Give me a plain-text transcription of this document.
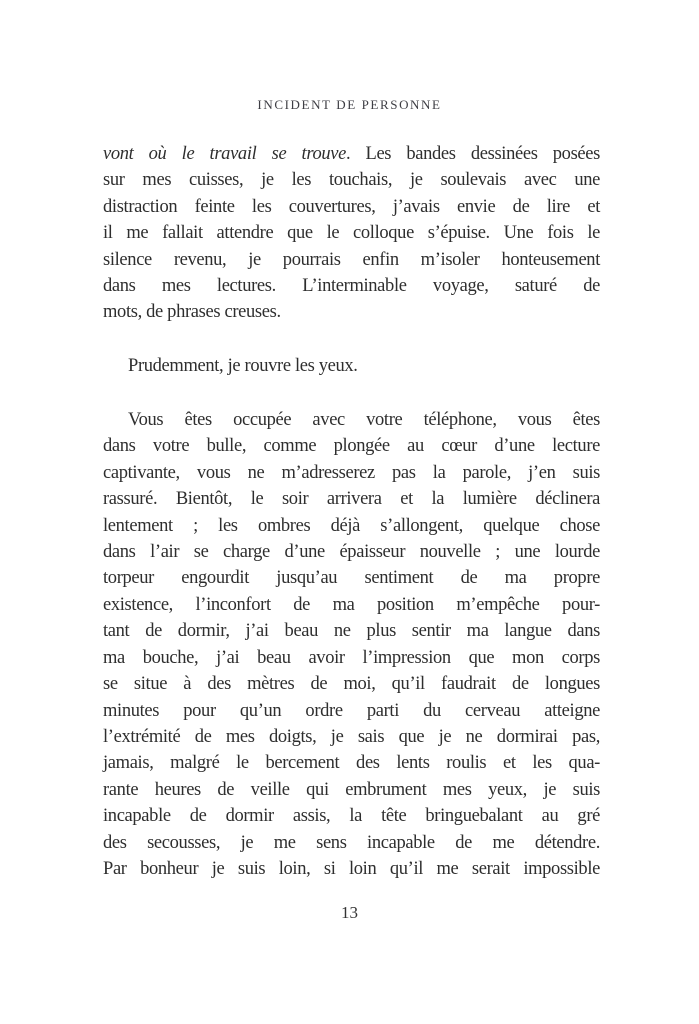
INCIDENT DE PERSONNE
vont où le travail se trouve. Les bandes dessinées posées
sur mes cuisses, je les touchais, je soulevais avec une
distraction feinte les couvertures, j’avais envie de lire et
il me fallait attendre que le colloque s’épuise. Une fois le
silence revenu, je pourrais enfin m’isoler honteusement
dans mes lectures. L’interminable voyage, saturé de
mots, de phrases creuses.
Prudemment, je rouvre les yeux.
Vous êtes occupée avec votre téléphone, vous êtes
dans votre bulle, comme plongée au cœur d’une lecture
captivante, vous ne m’adresserez pas la parole, j’en suis
rassuré. Bientôt, le soir arrivera et la lumière déclinera
lentement ; les ombres déjà s’allongent, quelque chose
dans l’air se charge d’une épaisseur nouvelle ; une lourde
torpeur engourdit jusqu’au sentiment de ma propre
existence, l’inconfort de ma position m’empêche pour-
tant de dormir, j’ai beau ne plus sentir ma langue dans
ma bouche, j’ai beau avoir l’impression que mon corps
se situe à des mètres de moi, qu’il faudrait de longues
minutes pour qu’un ordre parti du cerveau atteigne
l’extrémité de mes doigts, je sais que je ne dormirai pas,
jamais, malgré le bercement des lents roulis et les qua-
rante heures de veille qui embrument mes yeux, je suis
incapable de dormir assis, la tête bringuebalant au gré
des secousses, je me sens incapable de me détendre.
Par bonheur je suis loin, si loin qu’il me serait impossible
13
